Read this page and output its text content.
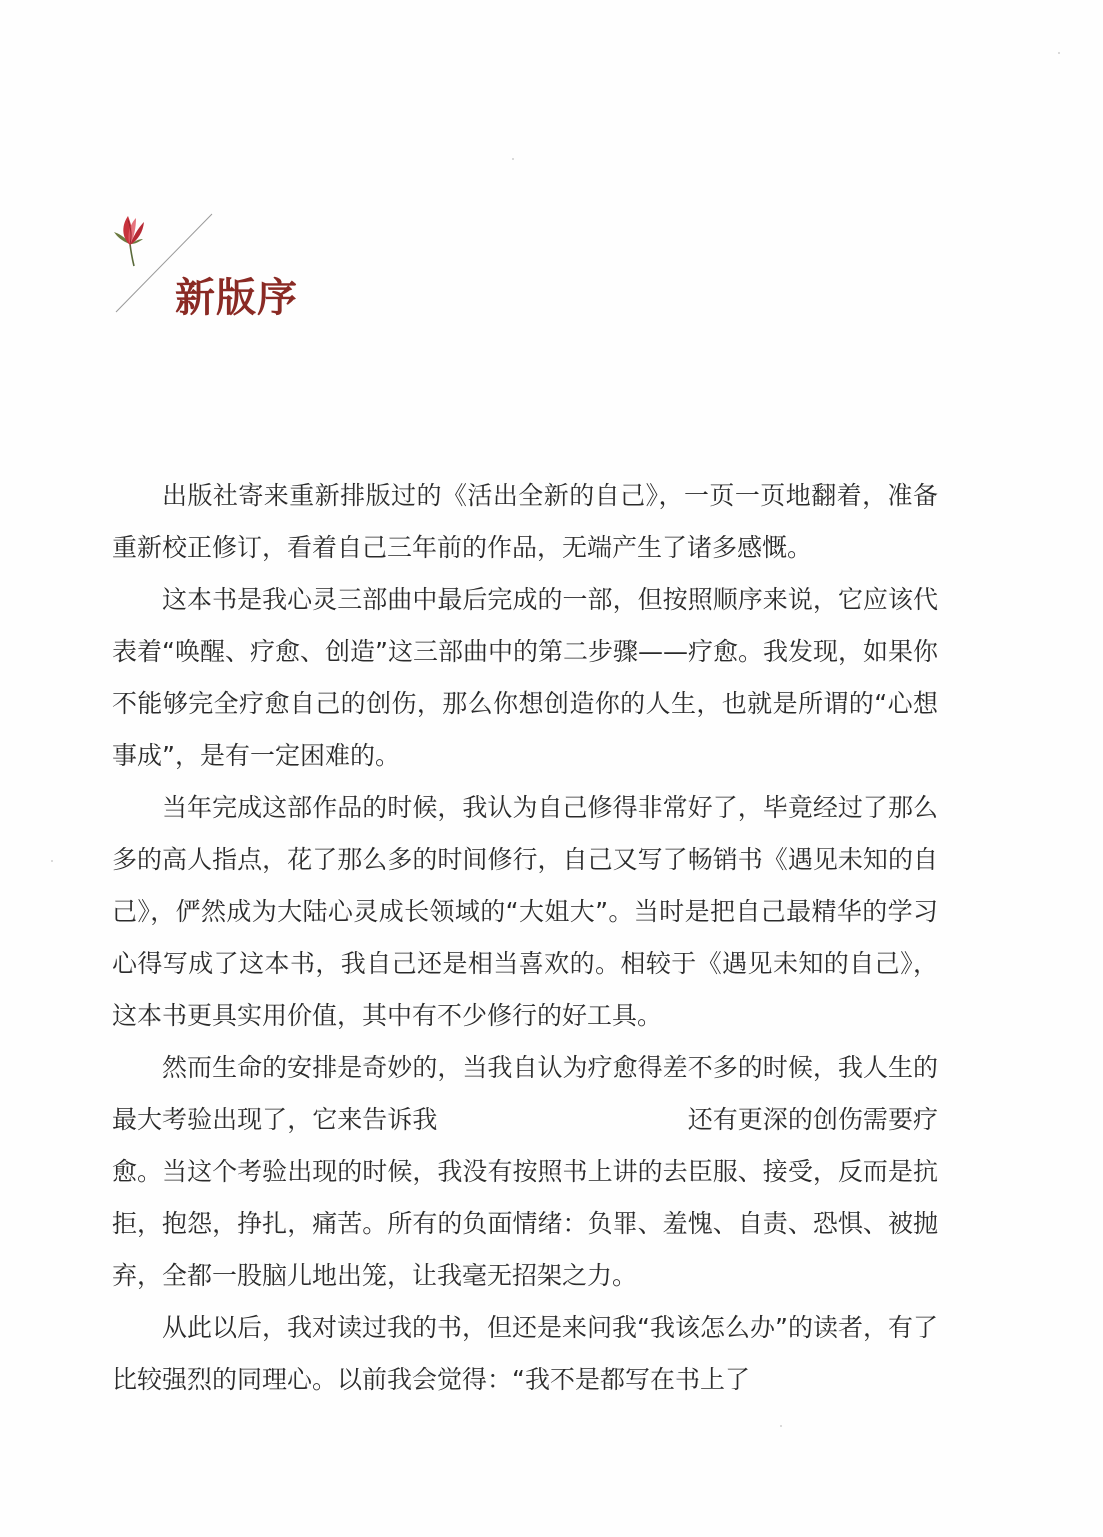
新版序

出版社寄来重新排版过的《活出全新的自己》，一页一页地翻着，准备重新校正修订，看着自己三年前的作品，无端产生了诸多感慨。

这本书是我心灵三部曲中最后完成的一部，但按照顺序来说，它应该代表着“唤醒、疗愈、创造”这三部曲中的第二步骤——疗愈。我发现，如果你不能够完全疗愈自己的创伤，那么你想创造你的人生，也就是所谓的“心想事成”，是有一定困难的。

当年完成这部作品的时候，我认为自己修得非常好了，毕竟经过了那么多的高人指点，花了那么多的时间修行，自己又写了畅销书《遇见未知的自己》，俨然成为大陆心灵成长领域的“大姐大”。当时是把自己最精华的学习心得写成了这本书，我自己还是相当喜欢的。相较于《遇见未知的自己》，这本书更具实用价值，其中有不少修行的好工具。

然而生命的安排是奇妙的，当我自认为疗愈得差不多的时候，我人生的最大考验出现了，它来告诉我　　　　　　　　　　还有更深的创伤需要疗愈。当这个考验出现的时候，我没有按照书上讲的去臣服、接受，反而是抗拒，抱怨，挣扎，痛苦。所有的负面情绪：负罪、羞愧、自责、恐惧、被抛弃，全都一股脑儿地出笼，让我毫无招架之力。

从此以后，我对读过我的书，但还是来问我“我该怎么办”的读者，有了比较强烈的同理心。以前我会觉得：“我不是都写在书上了
